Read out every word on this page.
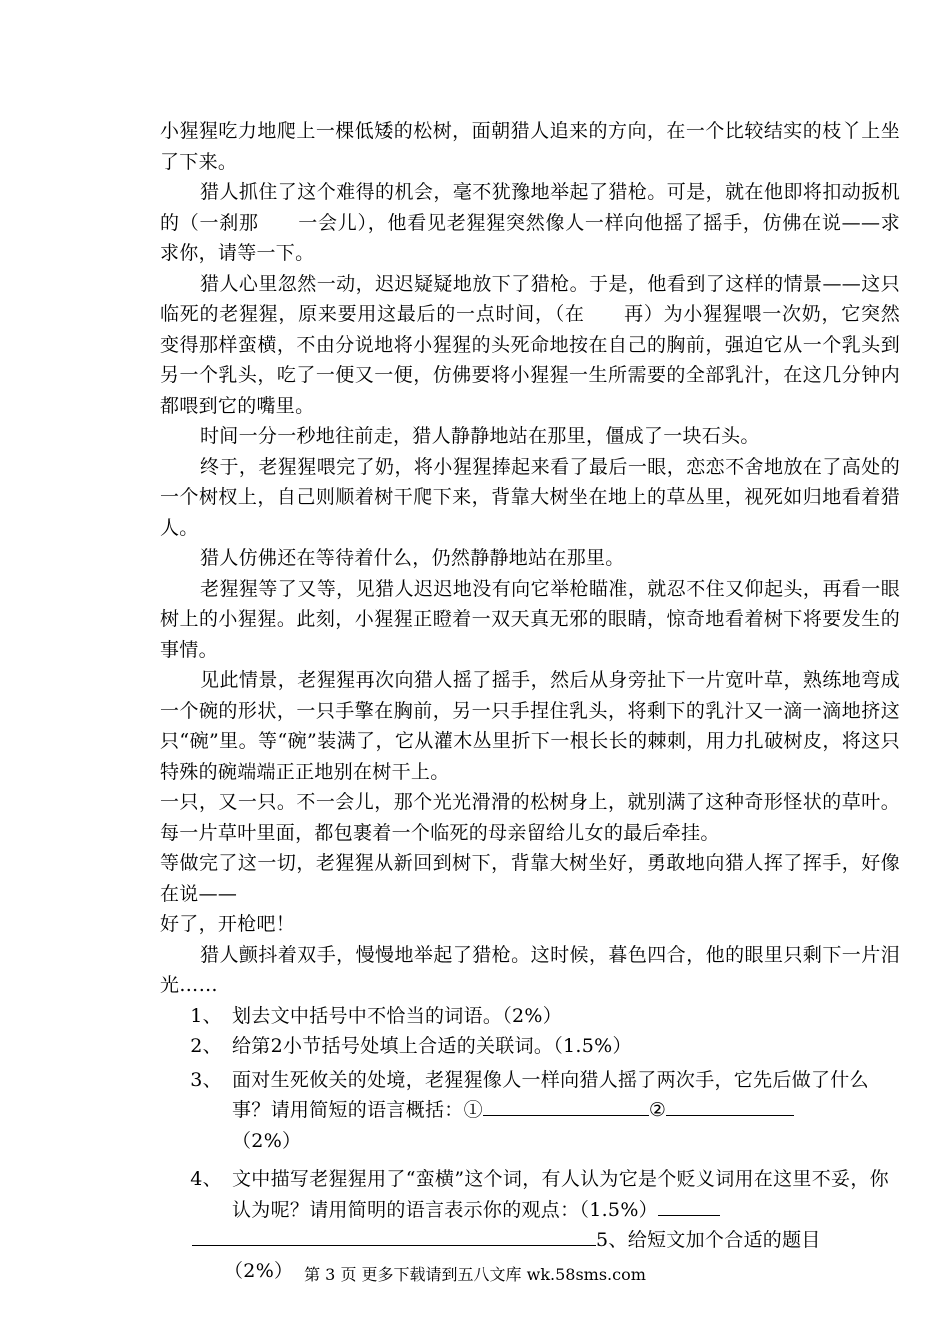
小猩猩吃力地爬上一棵低矮的松树，面朝猎人追来的方向，在一个比较结实的枝丫上坐了下来。

猎人抓住了这个难得的机会，毫不犹豫地举起了猎枪。可是，就在他即将扣动扳机的（一刹那　　一会儿），他看见老猩猩突然像人一样向他摇了摇手，仿佛在说——求求你，请等一下。

猎人心里忽然一动，迟迟疑疑地放下了猎枪。于是，他看到了这样的情景——这只临死的老猩猩，原来要用这最后的一点时间，（在　　再）为小猩猩喂一次奶，它突然变得那样蛮横，不由分说地将小猩猩的头死命地按在自己的胸前，强迫它从一个乳头到另一个乳头，吃了一便又一便，仿佛要将小猩猩一生所需要的全部乳汁，在这几分钟内都喂到它的嘴里。

时间一分一秒地往前走，猎人静静地站在那里，僵成了一块石头。

终于，老猩猩喂完了奶，将小猩猩捧起来看了最后一眼，恋恋不舍地放在了高处的一个树杈上，自己则顺着树干爬下来，背靠大树坐在地上的草丛里，视死如归地看着猎人。

猎人仿佛还在等待着什么，仍然静静地站在那里。

老猩猩等了又等，见猎人迟迟地没有向它举枪瞄准，就忍不住又仰起头，再看一眼树上的小猩猩。此刻，小猩猩正瞪着一双天真无邪的眼睛，惊奇地看着树下将要发生的事情。

见此情景，老猩猩再次向猎人摇了摇手，然后从身旁扯下一片宽叶草，熟练地弯成一个碗的形状，一只手擎在胸前，另一只手捏住乳头，将剩下的乳汁又一滴一滴地挤这只“碗”里。等“碗”装满了，它从灌木丛里折下一根长长的棘刺，用力扎破树皮，将这只特殊的碗端端正正地别在树干上。

一只，又一只。不一会儿，那个光光滑滑的松树身上，就别满了这种奇形怪状的草叶。每一片草叶里面，都包裹着一个临死的母亲留给儿女的最后牵挂。

等做完了这一切，老猩猩从新回到树下，背靠大树坐好，勇敢地向猎人挥了挥手，好像在说——

好了，开枪吧！

猎人颤抖着双手，慢慢地举起了猎枪。这时候，暮色四合，他的眼里只剩下一片泪光……

1、 划去文中括号中不恰当的词语。（2%）
2、 给第2小节括号处填上合适的关联词。（1.5%）
3、 面对生死攸关的处境，老猩猩像人一样向猎人摇了两次手，它先后做了什么事？请用简短的语言概括：①	②
（2%）
4、 文中描写老猩猩用了“蛮横”这个词，有人认为它是个贬义词用在这里不妥，你认为呢？请用简明的语言表示你的观点：（1.5%）
5、给短文加个合适的题目
（2%） 第 3 页 更多下载请到五八文库 wk.58sms.com
